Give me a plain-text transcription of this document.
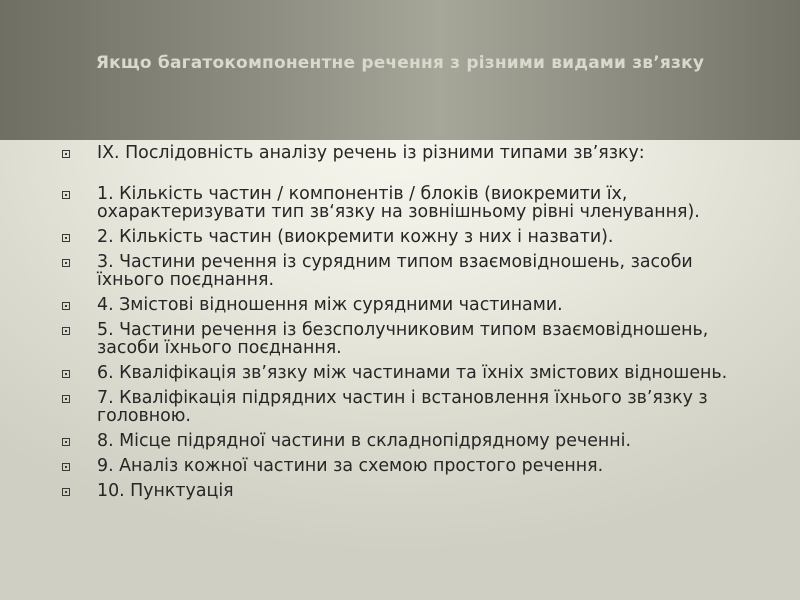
Якщо багатокомпонентне речення з різними видами зв’язку
IX. Послідовність аналізу речень із різними типами зв’язку:
1. Кількість частин / компонентів / блоків (виокремити їх, охарактеризувати тип зв‘язку на зовнішньому рівні членування).
2. Кількість частин (виокремити кожну з них і назвати).
3. Частини речення із сурядним типом взаємовідношень, засоби їхнього поєднання.
4. Змістові відношення між сурядними частинами.
5. Частини речення із безсполучниковим типом взаємовідношень, засоби їхнього поєднання.
6. Кваліфікація зв’язку між частинами та їхніх змістових відношень.
7. Кваліфікація підрядних частин і встановлення їхнього зв’язку з головною.
8. Місце підрядної частини в складнопідрядному реченні.
9. Аналіз кожної частини за схемою простого речення.
10. Пунктуація
